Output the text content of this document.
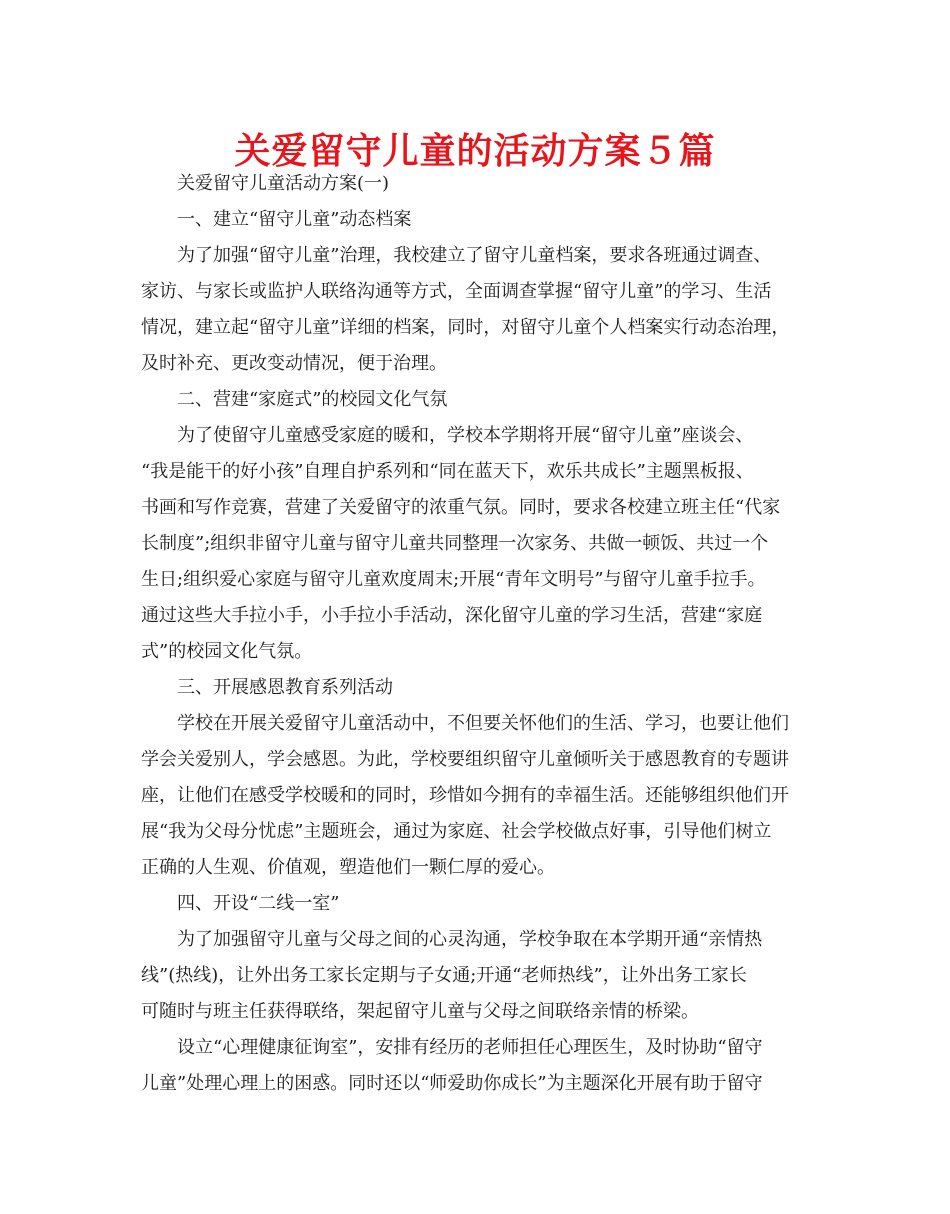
关爱留守儿童的活动方案５篇
关爱留守儿童活动方案(一)
一、建立“留守儿童”动态档案
为了加强“留守儿童”治理，我校建立了留守儿童档案，要求各班通过调查、
家访、与家长或监护人联络沟通等方式，全面调查掌握“留守儿童”的学习、生活
情况，建立起“留守儿童”详细的档案，同时，对留守儿童个人档案实行动态治理，
及时补充、更改变动情况，便于治理。
二、营建“家庭式”的校园文化气氛
为了使留守儿童感受家庭的暖和，学校本学期将开展“留守儿童”座谈会、
“我是能干的好小孩”自理自护系列和“同在蓝天下，欢乐共成长”主题黑板报、
书画和写作竞赛，营建了关爱留守的浓重气氛。同时，要求各校建立班主任“代家
长制度”;组织非留守儿童与留守儿童共同整理一次家务、共做一顿饭、共过一个
生日;组织爱心家庭与留守儿童欢度周末;开展“青年文明号”与留守儿童手拉手。
通过这些大手拉小手，小手拉小手活动，深化留守儿童的学习生活，营建“家庭
式”的校园文化气氛。
三、开展感恩教育系列活动
学校在开展关爱留守儿童活动中，不但要关怀他们的生活、学习，也要让他们
学会关爱别人，学会感恩。为此，学校要组织留守儿童倾听关于感恩教育的专题讲
座，让他们在感受学校暖和的同时，珍惜如今拥有的幸福生活。还能够组织他们开
展“我为父母分忧虑”主题班会，通过为家庭、社会学校做点好事，引导他们树立
正确的人生观、价值观，塑造他们一颗仁厚的爱心。
四、开设“二线一室”
为了加强留守儿童与父母之间的心灵沟通，学校争取在本学期开通“亲情热
线”(热线)，让外出务工家长定期与子女通;开通“老师热线”，让外出务工家长
可随时与班主任获得联络，架起留守儿童与父母之间联络亲情的桥梁。
设立“心理健康征询室”，安排有经历的老师担任心理医生，及时协助“留守
儿童”处理心理上的困惑。同时还以“师爱助你成长”为主题深化开展有助于留守
